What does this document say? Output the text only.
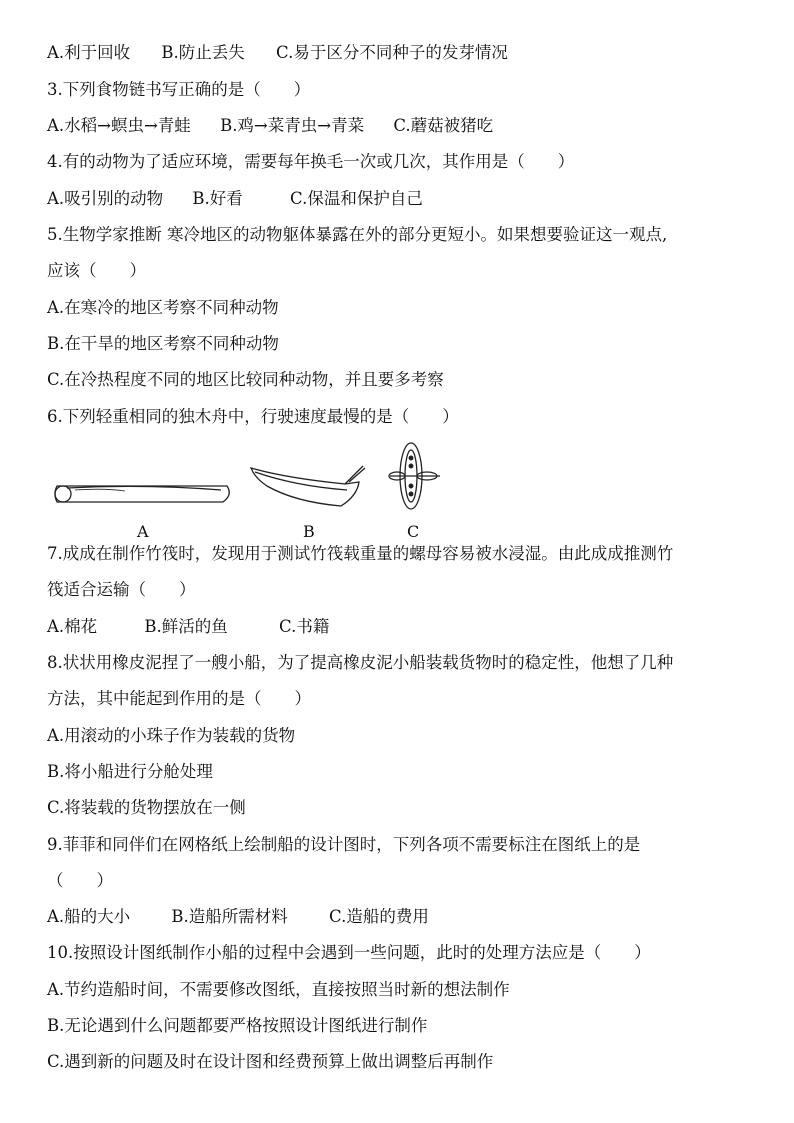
A.利于回收 B.防止丢失 C.易于区分不同种子的发芽情况
3.下列食物链书写正确的是（　　）
A.水稻→螟虫→青蛙 B.鸡→菜青虫→青菜 C.蘑菇被猪吃
4.有的动物为了适应环境，需要每年换毛一次或几次，其作用是（　　）
A.吸引别的动物 B.好看	C.保温和保护自己
5.生物学家推断 寒冷地区的动物躯体暴露在外的部分更短小。如果想要验证这一观点,
应该（　　）
A.在寒冷的地区考察不同种动物
B.在干旱的地区考察不同种动物
C.在冷热程度不同的地区比较同种动物，并且要多考察
6.下列轻重相同的独木舟中，行驶速度最慢的是（　　）
A	B	C
7.成成在制作竹筏时，发现用于测试竹筏载重量的螺母容易被水浸湿。由此成成推测竹
筏适合运输（　　）
A.棉花	B.鲜活的鱼	C.书籍
8.状状用橡皮泥捏了一艘小船，为了提高橡皮泥小船装载货物时的稳定性，他想了几种
方法，其中能起到作用的是（　　）
A.用滚动的小珠子作为装载的货物
B.将小船进行分舱处理
C.将装载的货物摆放在一侧
9.菲菲和同伴们在网格纸上绘制船的设计图时，下列各项不需要标注在图纸上的是
（　　）
A.船的大小	B.造船所需材料	C.造船的费用
10.按照设计图纸制作小船的过程中会遇到一些问题，此时的处理方法应是（　　）
A.节约造船时间，不需要修改图纸，直接按照当时新的想法制作
B.无论遇到什么问题都要严格按照设计图纸进行制作
C.遇到新的问题及时在设计图和经费预算上做出调整后再制作
